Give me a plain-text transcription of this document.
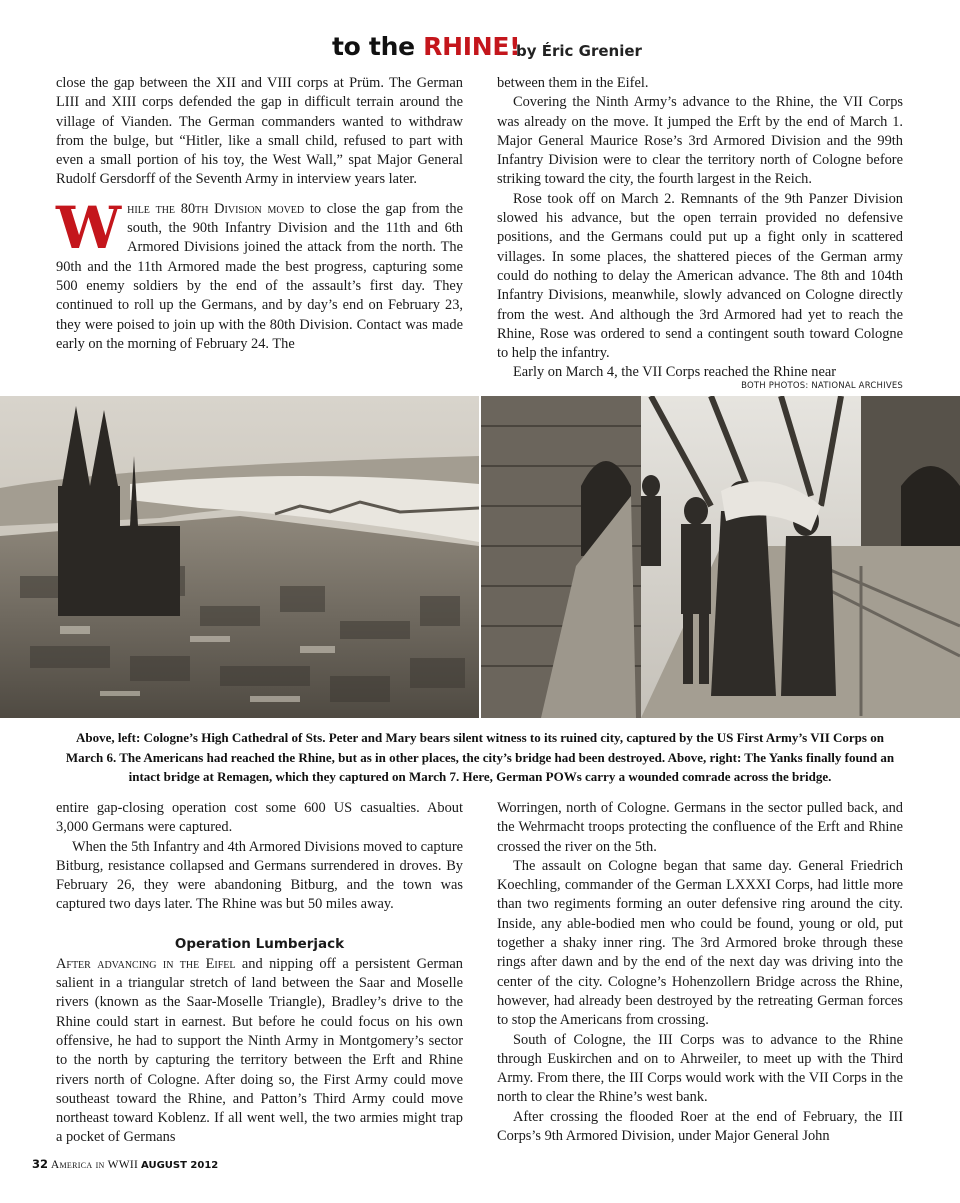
to the RHINE!
by Éric Grenier

close the gap between the XII and VIII corps at Prüm. The German LIII and XIII corps defended the gap in difficult terrain around the village of Vianden. The German commanders wanted to withdraw from the bulge, but “Hitler, like a small child, refused to part with even a small portion of his toy, the West Wall,” spat Major General Rudolf Gersdorff of the Seventh Army in interview years later.

While the 80th Division moved to close the gap from the south, the 90th Infantry Division and the 11th and 6th Armored Divisions joined the attack from the north. The 90th and the 11th Armored made the best progress, capturing some 500 enemy soldiers by the end of the assault’s first day. They continued to roll up the Germans, and by day’s end on February 23, they were poised to join up with the 80th Division. Contact was made early on the morning of February 24. The

between them in the Eifel.

Covering the Ninth Army’s advance to the Rhine, the VII Corps was already on the move. It jumped the Erft by the end of March 1. Major General Maurice Rose’s 3rd Armored Division and the 99th Infantry Division were to clear the territory north of Cologne before striking toward the city, the fourth largest in the Reich.

Rose took off on March 2. Remnants of the 9th Panzer Division slowed his advance, but the open terrain provided no defensive positions, and the Germans could put up a fight only in scattered villages. In some places, the shattered pieces of the German army could do nothing to delay the American advance. The 8th and 104th Infantry Divisions, meanwhile, slowly advanced on Cologne directly from the west. And although the 3rd Armored had yet to reach the Rhine, Rose was ordered to send a contingent south toward Cologne to help the infantry.

Early on March 4, the VII Corps reached the Rhine near

BOTH PHOTOS: NATIONAL ARCHIVES
Above, left: Cologne’s High Cathedral of Sts. Peter and Mary bears silent witness to its ruined city, captured by the US First Army’s VII Corps on March 6. The Americans had reached the Rhine, but as in other places, the city’s bridge had been destroyed. Above, right: The Yanks finally found an intact bridge at Remagen, which they captured on March 7. Here, German POWs carry a wounded comrade across the bridge.

entire gap-closing operation cost some 600 US casualties. About 3,000 Germans were captured.

When the 5th Infantry and 4th Armored Divisions moved to capture Bitburg, resistance collapsed and Germans surrendered in droves. By February 26, they were abandoning Bitburg, and the town was captured two days later. The Rhine was but 50 miles away.

Operation Lumberjack

After advancing in the Eifel and nipping off a persistent German salient in a triangular stretch of land between the Saar and Moselle rivers (known as the Saar-Moselle Triangle), Bradley’s drive to the Rhine could start in earnest. But before he could focus on his own offensive, he had to support the Ninth Army in Montgomery’s sector to the north by capturing the territory between the Erft and Rhine rivers north of Cologne. After doing so, the First Army could move southeast toward the Rhine, and Patton’s Third Army could move northeast toward Koblenz. If all went well, the two armies might trap a pocket of Germans

Worringen, north of Cologne. Germans in the sector pulled back, and the Wehrmacht troops protecting the confluence of the Erft and Rhine crossed the river on the 5th.

The assault on Cologne began that same day. General Friedrich Koechling, commander of the German LXXXI Corps, had little more than two regiments forming an outer defensive ring around the city. Inside, any able-bodied men who could be found, young or old, put together a shaky inner ring. The 3rd Armored broke through these rings after dawn and by the end of the next day was driving into the center of the city. Cologne’s Hohenzollern Bridge across the Rhine, however, had already been destroyed by the retreating German forces to stop the Americans from crossing.

South of Cologne, the III Corps was to advance to the Rhine through Euskirchen and on to Ahrweiler, to meet up with the Third Army. From there, the III Corps would work with the VII Corps in the north to clear the Rhine’s west bank.

After crossing the flooded Roer at the end of February, the III Corps’s 9th Armored Division, under Major General John

32 America in WWII AUGUST 2012
